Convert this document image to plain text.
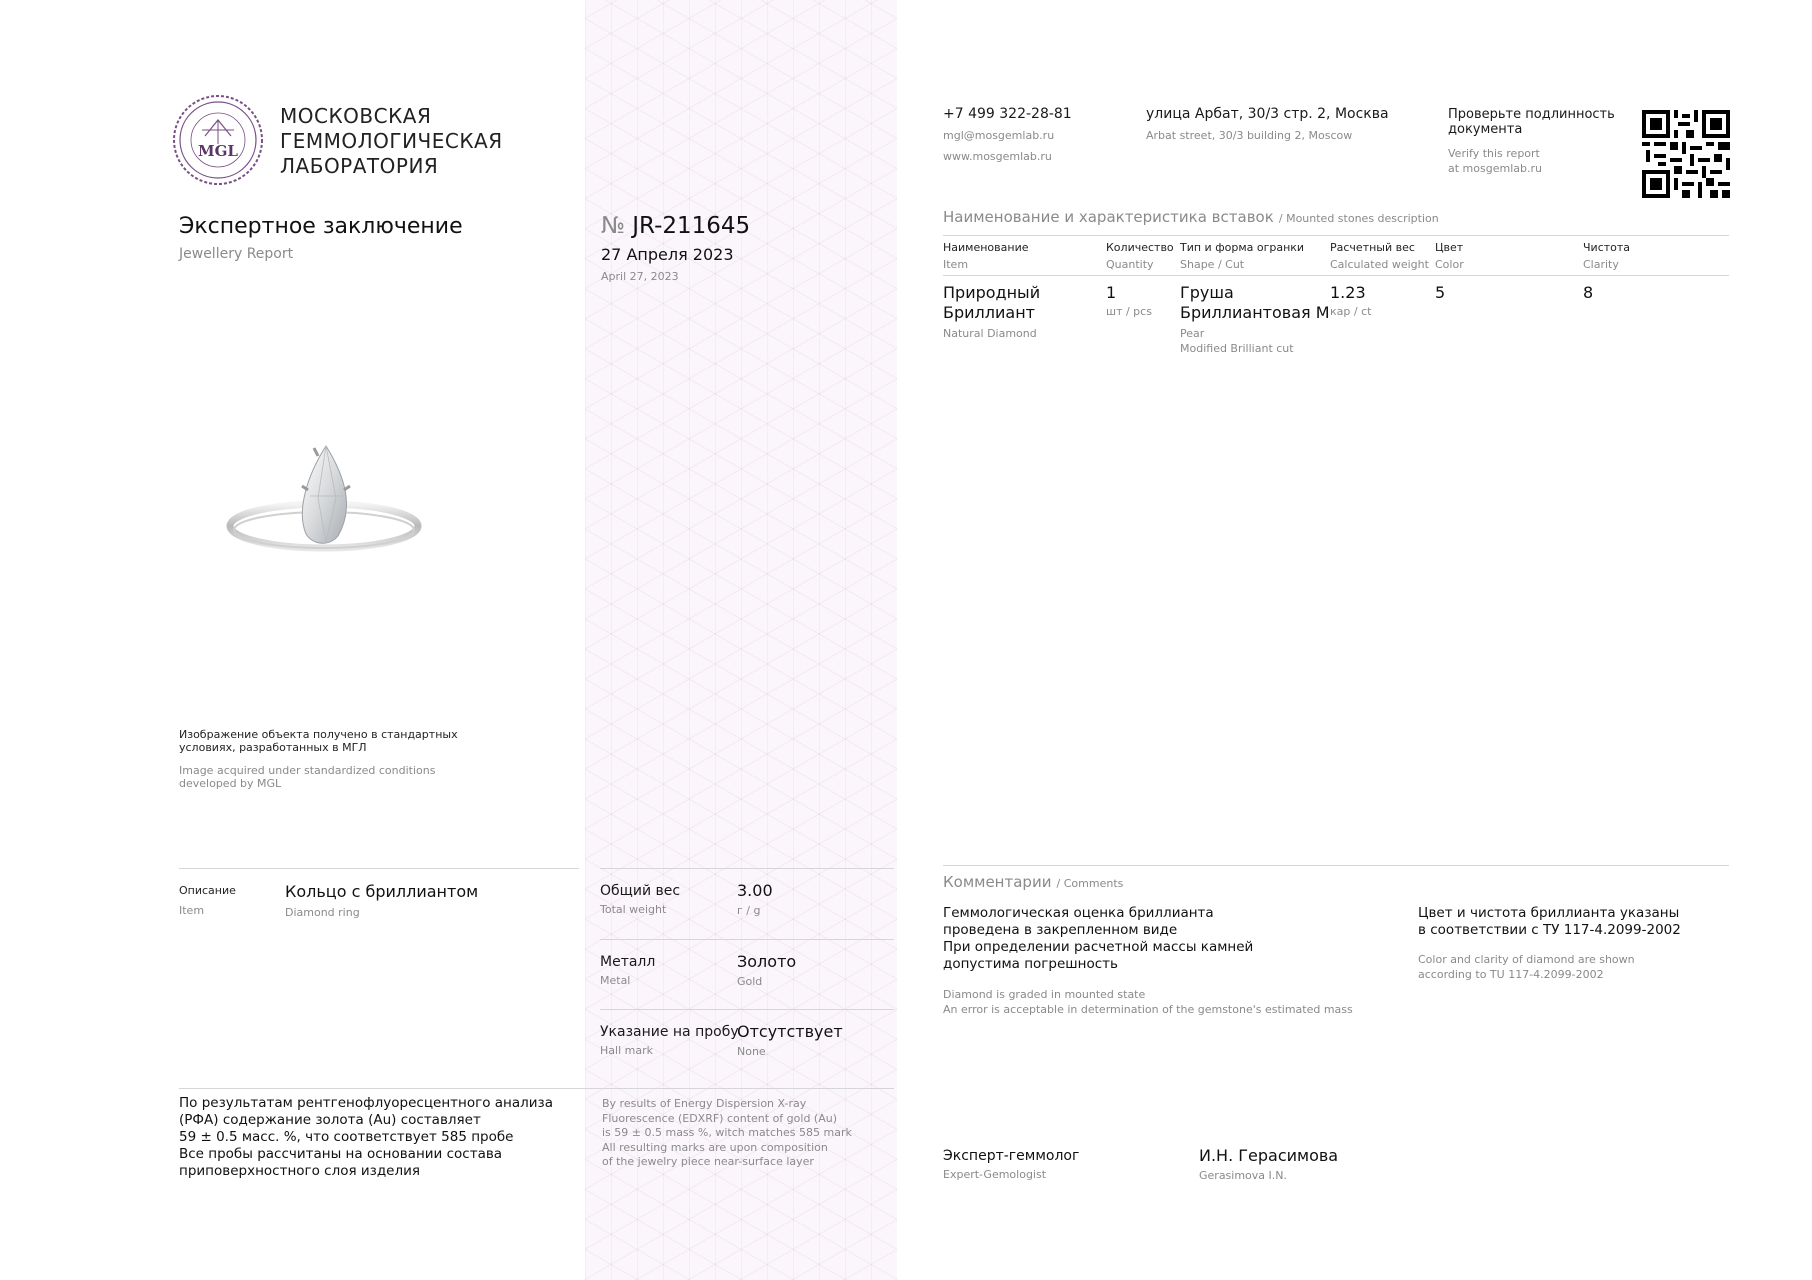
MGL
МОСКОВСКАЯ
ГЕММОЛОГИЧЕСКАЯ
ЛАБОРАТОРИЯ
+7 499 322-28-81
mgl@mosgemlab.ru
www.mosgemlab.ru
улица Арбат, 30/3 стр. 2, Москва
Arbat street, 30/3 building 2, Moscow
Проверьте подлинность
документа
Verify this report
at mosgemlab.ru
Экспертное заключение
Jewellery Report
№ JR-211645
27 Апреля 2023
April 27, 2023
Изображение объекта получено в стандартных
условиях, разработанных в МГЛ
Image acquired under standardized conditions
developed by MGL
Наименование и характеристика вставок / Mounted stones description
Наименование
Item
Количество
Quantity
Тип и форма огранки
Shape / Cut
Расчетный вес
Calculated weight
Цвет
Color
Чистота
Clarity
Природный
Бриллиант
Natural Diamond
1
шт / pcs
Груша
Бриллиантовая М
Pear
Modified Brilliant cut
1.23
кар / ct
5	8
Описание
Item
Кольцо с бриллиантом
Diamond ring
Общий вес
Total weight
3.00
г / g
Металл
Metal
Золото
Gold
Указание на пробу
Hall mark
Отсутствует
None
По результатам рентгенофлуоресцентного анализа
(РФА) содержание золота (Au) составляет
59 ± 0.5 масс. %, что соответствует 585 пробе
Все пробы рассчитаны на основании состава
приповерхностного слоя изделия
By results of Energy Dispersion X-ray
Fluorescence (EDXRF) content of gold (Au)
is 59 ± 0.5 mass %, witch matches 585 mark
All resulting marks are upon composition
of the jewelry piece near-surface layer
Комментарии / Comments
Геммологическая оценка бриллианта
проведена в закрепленном виде
При определении расчетной массы камней
допустима погрешность
Diamond is graded in mounted state
An error is acceptable in determination of the gemstone's estimated mass
Цвет и чистота бриллианта указаны
в соответствии с ТУ 117-4.2099-2002
Color and clarity of diamond are shown
according to TU 117-4.2099-2002
Эксперт-геммолог
Expert-Gemologist
И.Н. Герасимова
Gerasimova I.N.
